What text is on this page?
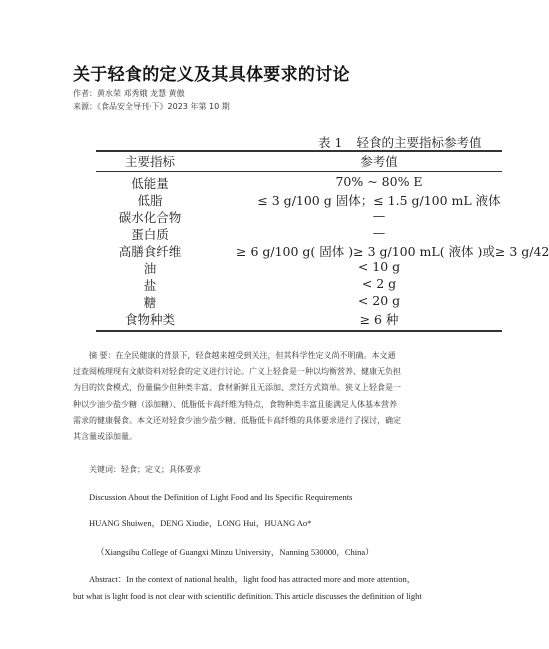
关于轻食的定义及其具体要求的讨论
作者：黄水荣 邓秀娥 龙慧 黄傲
来源：《食品安全导刊·下》2023 年第 10 期
表 1 轻食的主要指标参考值
主要指标	参考值
低能量	70% ~ 80% E
低脂	≤ 3 g/100 g 固体；≤ 1.5 g/100 mL 液体
碳水化合物	—
蛋白质	—
高膳食纤维	≥ 6 g/100 g( 固体 )≥ 3 g/100 mL( 液体 )或≥ 3 g/42
油	< 10 g
盐	< 2 g
糖	< 20 g
食物种类	≥ 6 种
摘 要：在全民健康的背景下，轻食越来越受到关注，但其科学性定义尚不明确。本文通
过查阅梳理现有文献资料对轻食的定义进行讨论。广义上轻食是一种以均衡营养、健康无负担
为目的饮食模式，份量偏少但种类丰富、食材新鲜且无添加、烹饪方式简单。狭义上轻食是一
种以少油少盐少糖（添加糖）、低脂低卡高纤维为特点，食物种类丰富且能满足人体基本营养
需求的健康餐食。本文还对轻食少油少盐少糖、低脂低卡高纤维的具体要求进行了探讨，确定
其含量或添加量。
关键词：轻食；定义；具体要求
Discussion About the Definition of Light Food and Its Specific Requirements
HUANG Shuiwen，DENG Xiudie，LONG Hui，HUANG Ao*
（Xiangsihu College of Guangxi Minzu University，Nanning 530000，China）
Abstract：In the context of national health，light food has attracted more and more attention，
but what is light food is not clear with scientific definition. This article discusses the definition of light
